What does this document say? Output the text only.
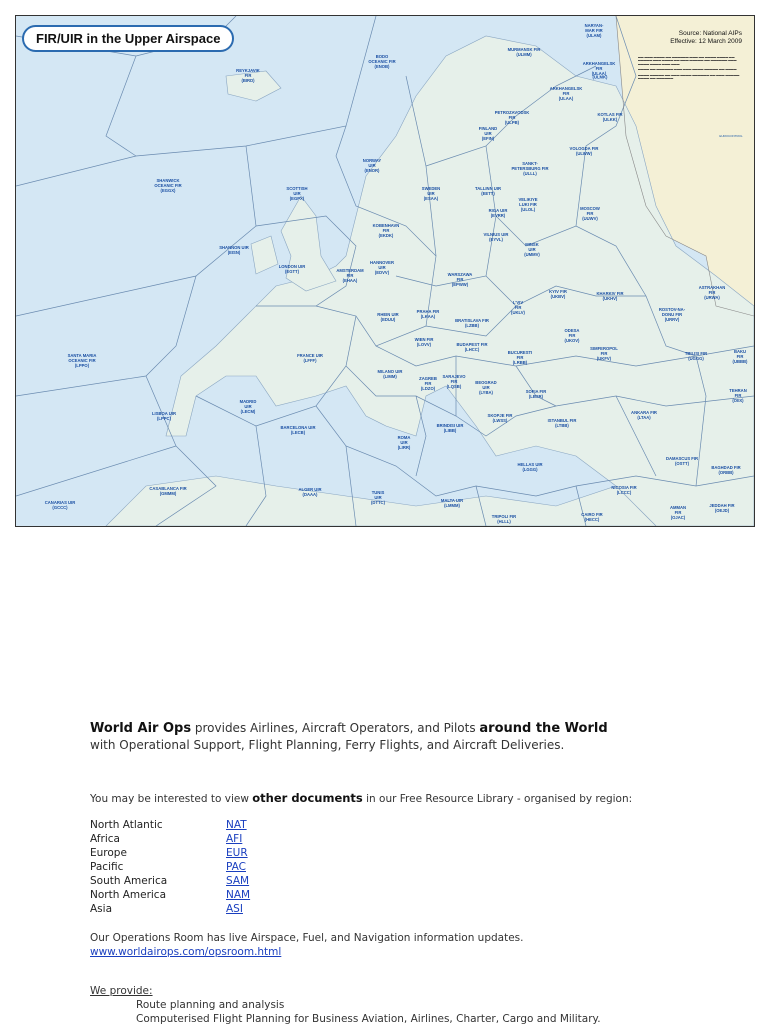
FIR/UIR in the Upper Airspace	Source: National AIPs
Effective: 12 March 2009

​▬▬ ▬▬▬ ▬▬▬▬ ▬▬ ▬▬▬▬▬▬ ▬▬▬ ▬▬ ▬▬▬▬ ▬▬▬▬ ▬▬ ▬▬▬▬▬ ▬▬▬ ▬▬▬▬ ▬▬ ▬▬▬ ▬▬▬▬▬ ▬▬ ▬▬▬▬▬▬ ▬▬▬ ▬▬▬▬ ▬▬▬▬ ▬▬▬ ▬▬▬

​▬▬▬▬ ▬▬ ▬▬▬▬▬▬ ▬▬▬ ▬▬▬ ▬▬▬▬ ▬▬▬▬▬ ▬▬ ▬▬▬▬

​▬▬▬▬ ▬▬▬▬▬ ▬▬ ▬▬▬ ▬▬▬▬ ▬▬▬▬▬▬ ▬▬ ▬▬▬ ▬▬▬▬▬ ▬▬▬▬ ▬▬ ▬▬▬▬▬▬

EUROCONTROL
REYKJAVIK
FIR
(BIRD)
BODO
OCEANIC FIR
(ENOB)
SHANWICK
OCEANIC FIR
(EGGX)	SCOTTISH
UIR
(EGPX)
SHANNON UIR
(EISN)
LONDON UIR
(EGTT)
NORWAY
UIR
(ENOR)
SWEDEN
UIR
(ESAA)
FINLAND
UIR
(EFIN)
MURMANSK FIR
(ULMM)
ARKHANGELSK
FIR
(ULAA)
PETROZAVODSK
FIR
(ULPB)
KOTLAS FIR
(ULKK)
VOLOGDA FIR
(ULWW)
SANKT-
PETERSBURG FIR
(ULLL)
TALLINN UIR
(EETT)
RIGA UIR
(EVRR)
VELIKIYE
LUKI FIR
(ULOL)	MOSCOW
FIR
(UUWV)
VILNIUS UIR
(EYVL)
MINSK
UIR
(UMMV)
KOBENHAVN
FIR
(EKDK)
HANNOVER
UIR
(EDVV)
AMSTERDAM
FIR
(EHAA)
WARSZAWA
FIR
(EPWW)
KYIV FIR
(UKBV)
KHARKIV FIR
(UKHV)
L'VIV
FIR
(UKLV)
ROSTOV-NA-
DONU FIR
(URRV)
ASTRAKHAN
FIR
(URWA)
RHEIN UIR
(EDUU)
PRAHA FIR
(LKAA)
BRATISLAVA FIR
(LZBB)
WIEN FIR
(LOVV)	BUDAPEST FIR
(LHCC)
ODESA
FIR
(UKOV)
SIMFEROPOL
FIR
(UKFV)
FRANCE UIR
(LFFF)
MILANO UIR
(LIMM)	ZAGREB
FIR
(LDZO)
SARAJEVO
FIR
(LQSB)
BEOGRAD
UIR
(LYBA)
BUCURESTI
FIR
(LRBB)
SOFIA FIR
(LBSR)
TBILISI FIR
(UGGG)
BAKU
FIR
(UBBB)
TEHRAN
FIR
(OIIX)
SANTA MARIA
OCEANIC FIR
(LPPO)
LISBOA UIR
(LPPC)
MADRID
UIR
(LECM)
BARCELONA UIR
(LECB)
ROMA
UIR
(LIRR)
BRINDISI UIR
(LIBB)
SKOPJE FIR
(LWSS)	ISTANBUL FIR
(LTBB)
ANKARA FIR
(LTAA)
HELLAS UIR
(LGGG)
NICOSIA FIR
(LCCC)
DAMASCUS FIR
(OSTT)
BAGHDAD FIR
(ORBB)
AMMAN
FIR
(OJAC)
JEDDAH FIR
(OEJD)
CANARIAS UIR
(GCCC)
CASABLANCA FIR
(GMMM)
ALGER UIR
(DAAA)	TUNIS
UIR
(DTTC)	MALTA UIR
(LMMM)
TRIPOLI FIR
(HLLL)
CAIRO FIR
(HECC)
NARYAN-
MAR FIR
(ULAM)
ARKHANGELSK
FIR
(ULAA)
(ULMK)
World Air Ops provides Airlines, Aircraft Operators, and Pilots around the World
with Operational Support, Flight Planning, Ferry Flights, and Aircraft Deliveries.
You may be interested to view other documents in our Free Resource Library - organised by region:
North Atlantic	NAT
Africa	AFI
Europe	EUR
Pacific	PAC
South America	SAM
North America	NAM
Asia	ASI
Our Operations Room has live Airspace, Fuel, and Navigation information updates.
www.worldairops.com/opsroom.html
We provide:
Route planning and analysis
Computerised Flight Planning for Business Aviation, Airlines, Charter, Cargo and Military.
